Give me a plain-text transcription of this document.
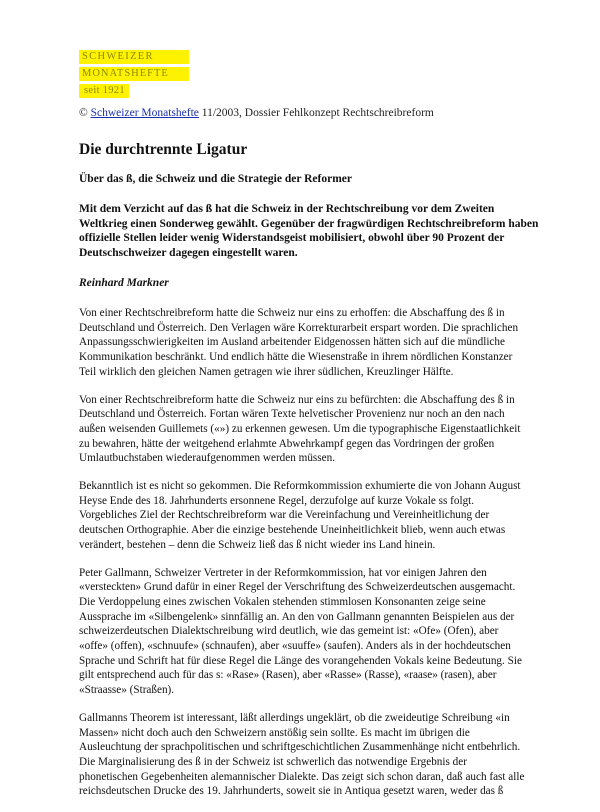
SCHWEIZER
MONATSHEFTE
seit 1921
© Schweizer Monatshefte 11/2003, Dossier Fehlkonzept Rechtschreibreform
Die durchtrennte Ligatur
Über das ß, die Schweiz und die Strategie der Reformer
Mit dem Verzicht auf das ß hat die Schweiz in der Rechtschreibung vor dem Zweiten
Weltkrieg einen Sonderweg gewählt. Gegenüber der fragwürdigen Rechtschreibreform haben
offizielle Stellen leider wenig Widerstandsgeist mobilisiert, obwohl über 90 Prozent der
Deutschschweizer dagegen eingestellt waren.
Reinhard Markner
Von einer Rechtschreibreform hatte die Schweiz nur eins zu erhoffen: die Abschaffung des ß in
Deutschland und Österreich. Den Verlagen wäre Korrekturarbeit erspart worden. Die sprachlichen
Anpassungsschwierigkeiten im Ausland arbeitender Eidgenossen hätten sich auf die mündliche
Kommunikation beschränkt. Und endlich hätte die Wiesenstraße in ihrem nördlichen Konstanzer
Teil wirklich den gleichen Namen getragen wie ihrer südlichen, Kreuzlinger Hälfte.
Von einer Rechtschreibreform hatte die Schweiz nur eins zu befürchten: die Abschaffung des ß in
Deutschland und Österreich. Fortan wären Texte helvetischer Provenienz nur noch an den nach
außen weisenden Guillemets («») zu erkennen gewesen. Um die typographische Eigenstaatlichkeit
zu bewahren, hätte der weitgehend erlahmte Abwehrkampf gegen das Vordringen der großen
Umlautbuchstaben wiederaufgenommen werden müssen.
Bekanntlich ist es nicht so gekommen. Die Reformkommission exhumierte die von Johann August
Heyse Ende des 18. Jahrhunderts ersonnene Regel, derzufolge auf kurze Vokale ss folgt.
Vorgebliches Ziel der Rechtschreibreform war die Vereinfachung und Vereinheitlichung der
deutschen Orthographie. Aber die einzige bestehende Uneinheitlichkeit blieb, wenn auch etwas
verändert, bestehen – denn die Schweiz ließ das ß nicht wieder ins Land hinein.
Peter Gallmann, Schweizer Vertreter in der Reformkommission, hat vor einigen Jahren den
«versteckten» Grund dafür in einer Regel der Verschriftung des Schweizerdeutschen ausgemacht.
Die Verdoppelung eines zwischen Vokalen stehenden stimmlosen Konsonanten zeige seine
Aussprache im «Silbengelenk» sinnfällig an. An den von Gallmann genannten Beispielen aus der
schweizerdeutschen Dialektschreibung wird deutlich, wie das gemeint ist: «Ofe» (Ofen), aber
«offe» (offen), «schnuufe» (schnaufen), aber «suuffe» (saufen). Anders als in der hochdeutschen
Sprache und Schrift hat für diese Regel die Länge des vorangehenden Vokals keine Bedeutung. Sie
gilt entsprechend auch für das s: «Rase» (Rasen), aber «Rasse» (Rasse), «raase» (rasen), aber
«Straasse» (Straßen).
Gallmanns Theorem ist interessant, läßt allerdings ungeklärt, ob die zweideutige Schreibung «in
Massen» nicht doch auch den Schweizern anstößig sein sollte. Es macht im übrigen die
Ausleuchtung der sprachpolitischen und schriftgeschichtlichen Zusammenhänge nicht entbehrlich.
Die Marginalisierung des ß in der Schweiz ist schwerlich das notwendige Ergebnis der
phonetischen Gegebenheiten alemannischer Dialekte. Das zeigt sich schon daran, daß auch fast alle
reichsdeutschen Drucke des 19. Jahrhunderts, soweit sie in Antiqua gesetzt waren, weder das ß
